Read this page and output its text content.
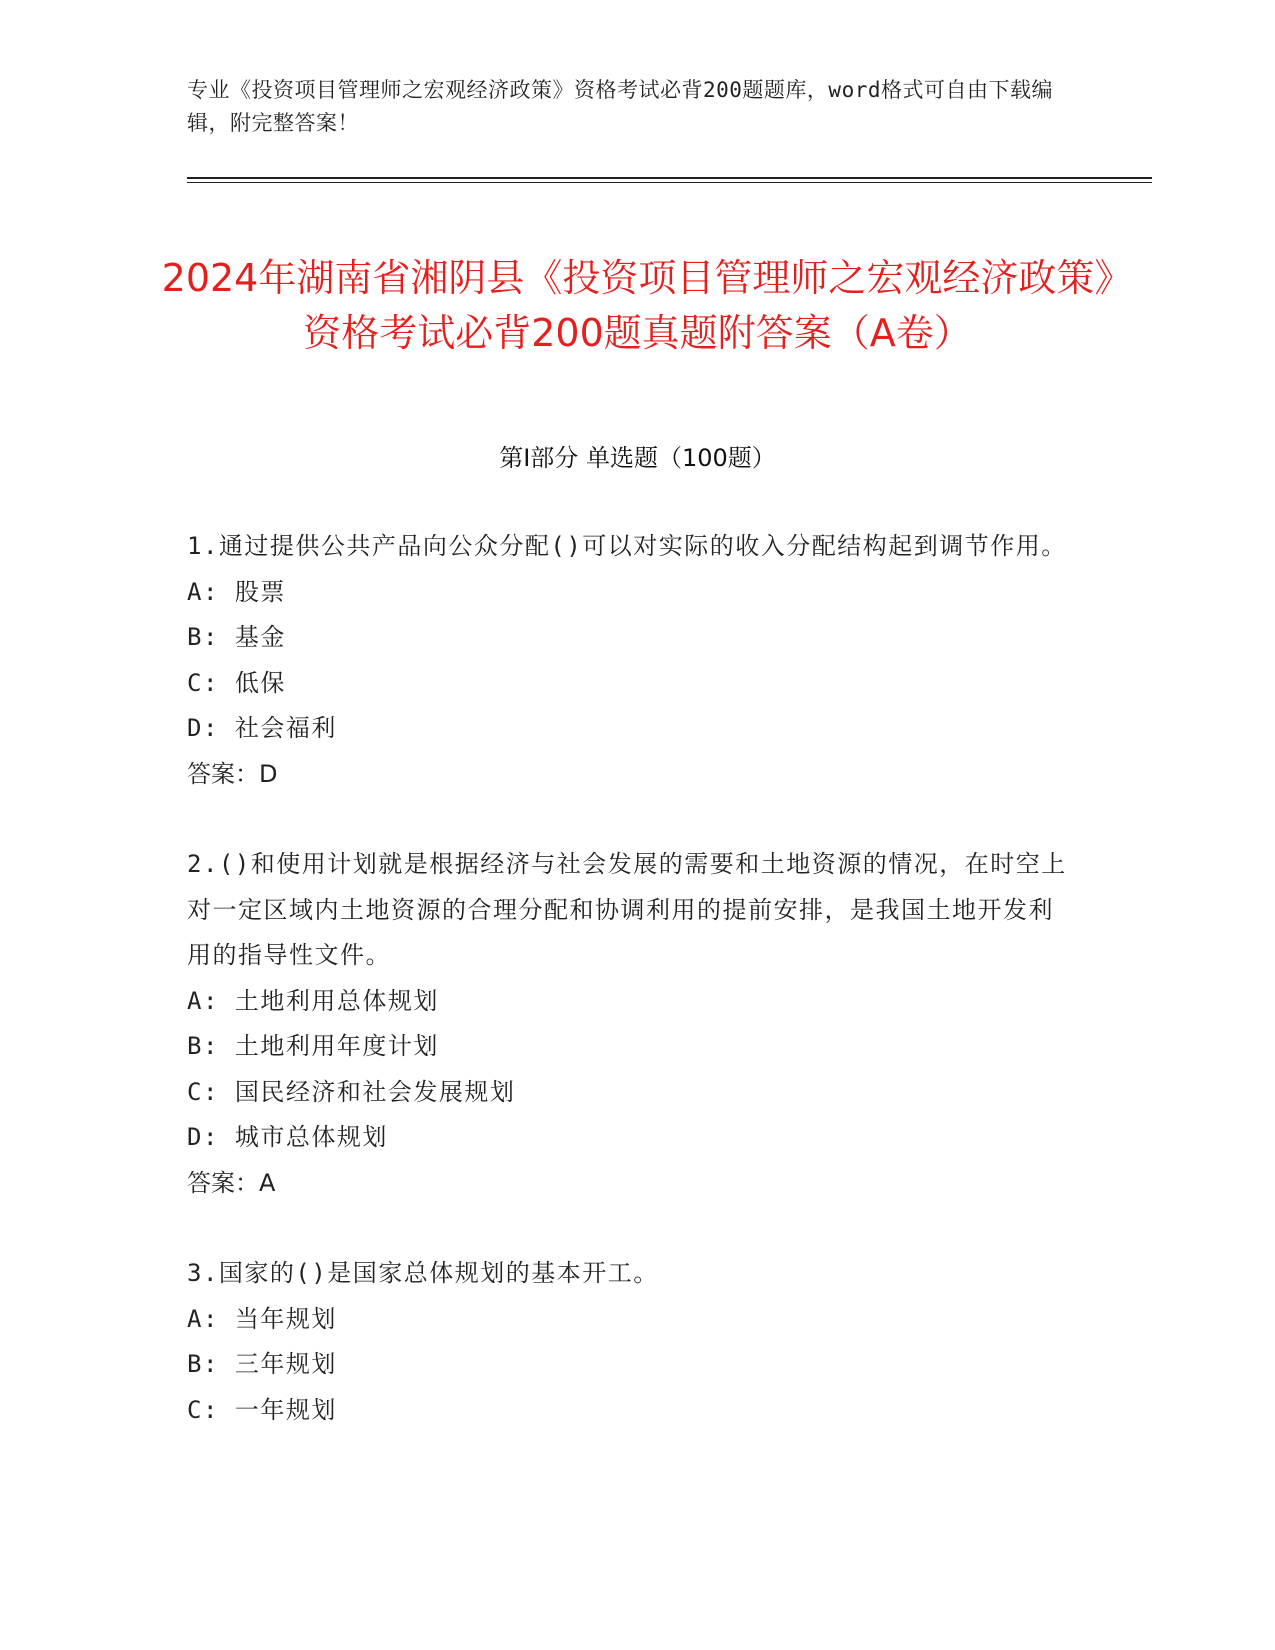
专业《投资项目管理师之宏观经济政策》资格考试必背200题题库，word格式可自由下载编辑，附完整答案！
2024年湖南省湘阴县《投资项目管理师之宏观经济政策》资格考试必背200题真题附答案（A卷）
第Ⅰ部分 单选题（100题）

1.通过提供公共产品向公众分配()可以对实际的收入分配结构起到调节作用。

A: 股票

B: 基金

C: 低保

D: 社会福利

答案：D

2.()和使用计划就是根据经济与社会发展的需要和土地资源的情况，在时空上对一定区域内土地资源的合理分配和协调利用的提前安排，是我国土地开发利用的指导性文件。

A: 土地利用总体规划

B: 土地利用年度计划

C: 国民经济和社会发展规划

D: 城市总体规划

答案：A

3.国家的()是国家总体规划的基本开工。

A: 当年规划

B: 三年规划

C: 一年规划
